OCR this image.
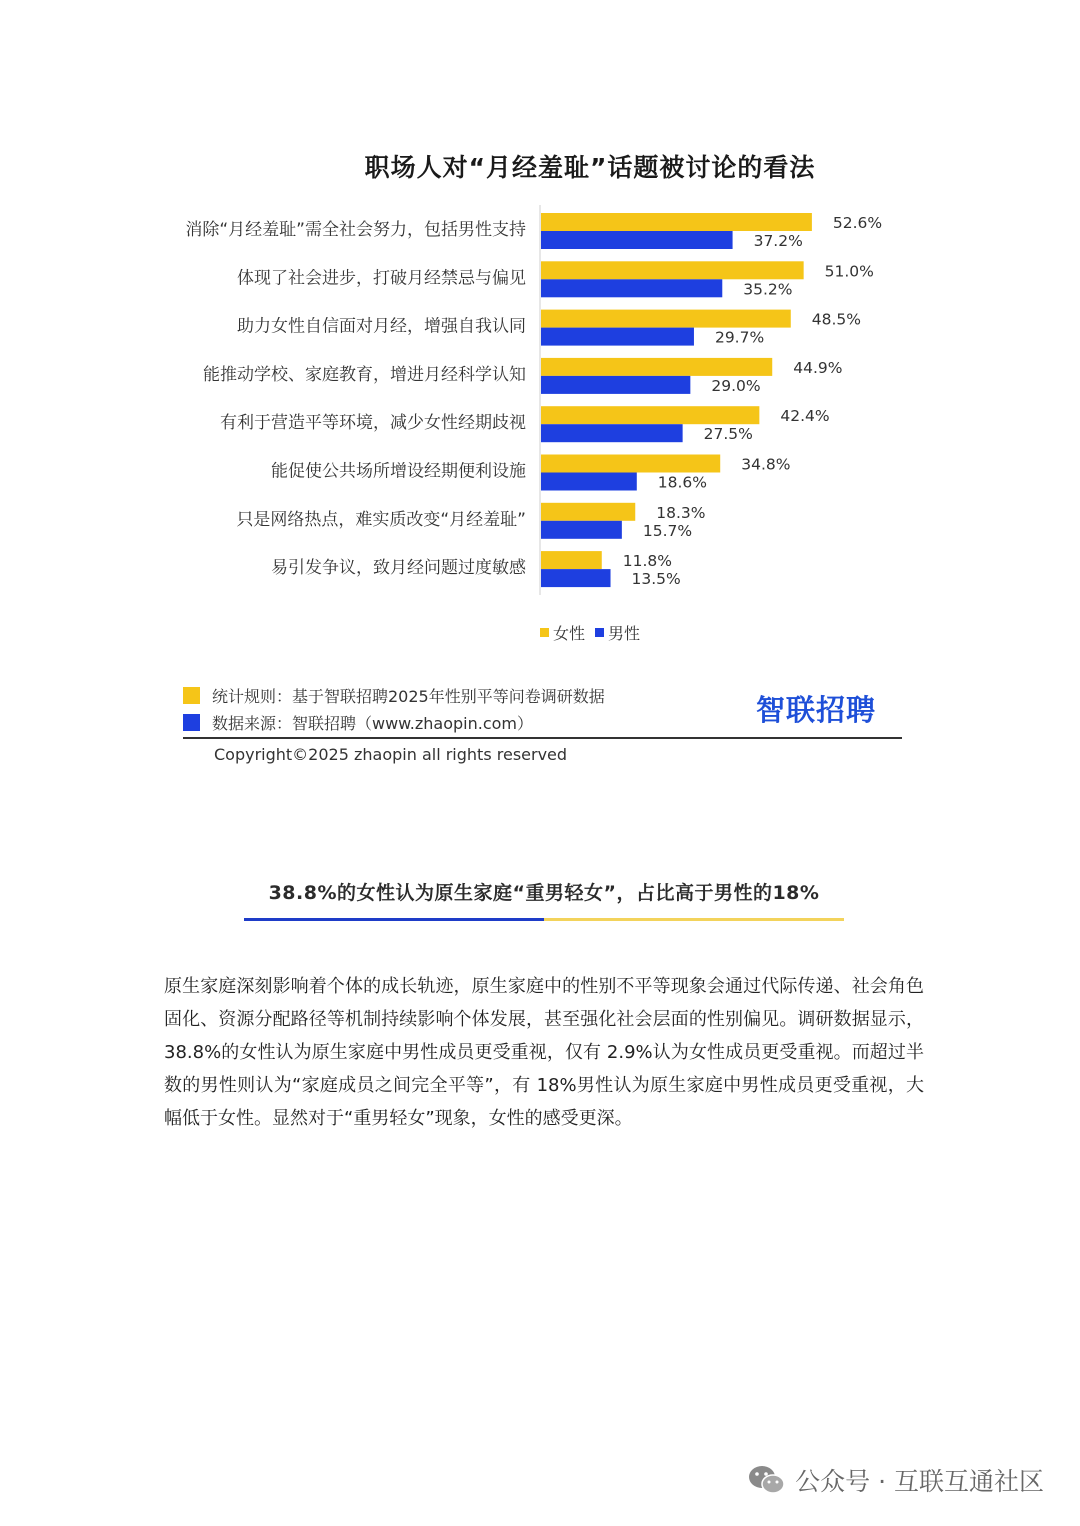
职场人对“月经羞耻”话题被讨论的看法
消除“月经羞耻”需全社会努力，包括男性支持	52.6%
37.2%
体现了社会进步，打破月经禁忌与偏见	51.0%
35.2%
助力女性自信面对月经，增强自我认同	48.5%
29.7%
能推动学校、家庭教育，增进月经科学认知	44.9%
29.0%
有利于营造平等环境，减少女性经期歧视	42.4%
27.5%
能促使公共场所增设经期便利设施	34.8%
18.6%
只是网络热点，难实质改变“月经羞耻”	18.3%
15.7%
易引发争议，致月经问题过度敏感	11.8%
13.5%
女性 男性
统计规则：基于智联招聘2025年性别平等问卷调研数据
数据来源：智联招聘（www.zhaopin.com）	智联招聘
Copyright©2025 zhaopin all rights reserved
38.8%的女性认为原生家庭“重男轻女”，占比高于男性的18%

原生家庭深刻影响着个体的成长轨迹，原生家庭中的性别不平等现象会通过代际传递、社会角色固化、资源分配路径等机制持续影响个体发展，甚至强化社会层面的性别偏见。调研数据显示，38.8%的女性认为原生家庭中男性成员更受重视，仅有 2.9%认为女性成员更受重视。而超过半数的男性则认为“家庭成员之间完全平等”，有 18%男性认为原生家庭中男性成员更受重视，大幅低于女性。显然对于“重男轻女”现象，女性的感受更深。

公众号 · 互联互通社区
